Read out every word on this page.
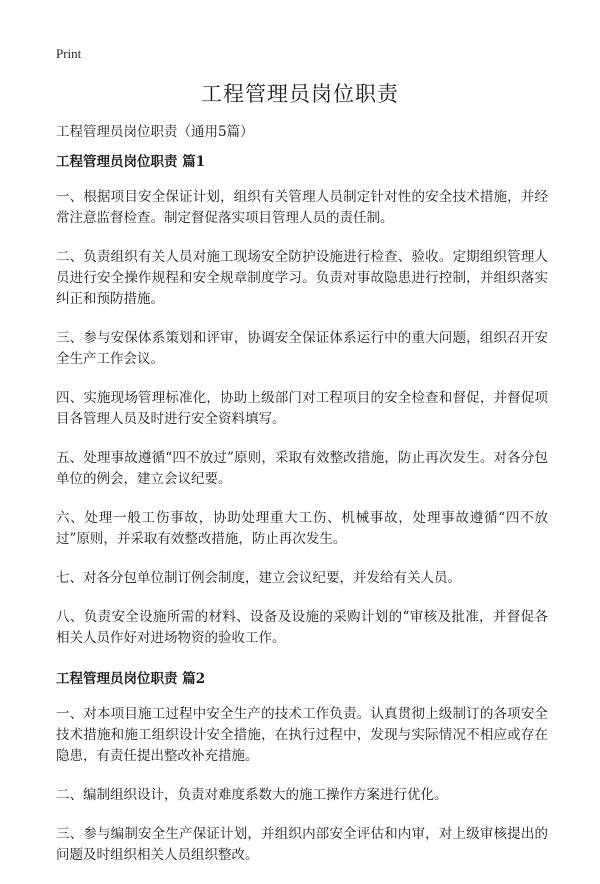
Print
工程管理员岗位职责
工程管理员岗位职责（通用5篇）
工程管理员岗位职责 篇1

一、根据项目安全保证计划，组织有关管理人员制定针对性的安全技术措施，并经常注意监督检查。制定督促落实项目管理人员的责任制。

二、负责组织有关人员对施工现场安全防护设施进行检查、验收。定期组织管理人员进行安全操作规程和安全规章制度学习。负责对事故隐患进行控制，并组织落实纠正和预防措施。

三、参与安保体系策划和评审，协调安全保证体系运行中的重大问题，组织召开安全生产工作会议。

四、实施现场管理标准化，协助上级部门对工程项目的安全检查和督促，并督促项目各管理人员及时进行安全资料填写。

五、处理事故遵循“四不放过”原则，采取有效整改措施，防止再次发生。对各分包单位的例会，建立会议纪要。

六、处理一般工伤事故，协助处理重大工伤、机械事故，处理事故遵循“四不放过”原则，并采取有效整改措施，防止再次发生。

七、对各分包单位制订例会制度，建立会议纪要，并发给有关人员。

八、负责安全设施所需的材料、设备及设施的采购计划的“审核及批准，并督促各相关人员作好对进场物资的验收工作。

工程管理员岗位职责 篇2

一、对本项目施工过程中安全生产的技术工作负责。认真贯彻上级制订的各项安全技术措施和施工组织设计安全措施，在执行过程中，发现与实际情况不相应或存在隐患，有责任提出整改补充措施。

二、编制组织设计，负责对难度系数大的施工操作方案进行优化。

三、参与编制安全生产保证计划，并组织内部安全评估和内审，对上级审核提出的问题及时组织相关人员组织整改。
